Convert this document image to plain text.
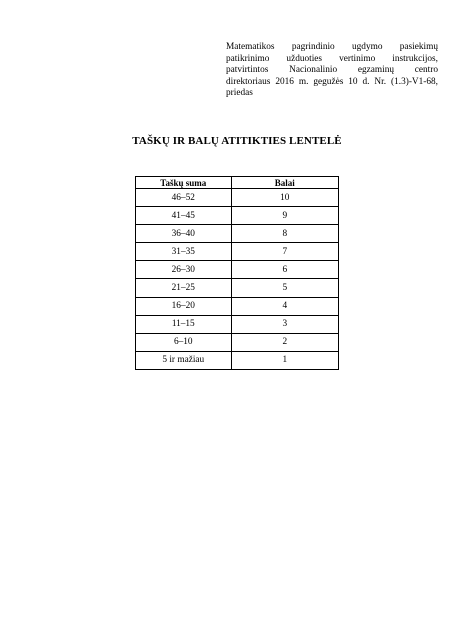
Matematikos pagrindinio ugdymo pasiekimų
patikrinimo užduoties vertinimo instrukcijos,
patvirtintos Nacionalinio egzaminų centro
direktoriaus 2016 m. gegužės 10 d. Nr. (1.3)-V1-68,
priedas
TAŠKŲ IR BALŲ ATITIKTIES LENTELĖ
Taškų suma	Balai
46–52	10
41–45	9
36–40	8
31–35	7
26–30	6
21–25	5
16–20	4
11–15	3
6–10	2
5 ir mažiau	1
